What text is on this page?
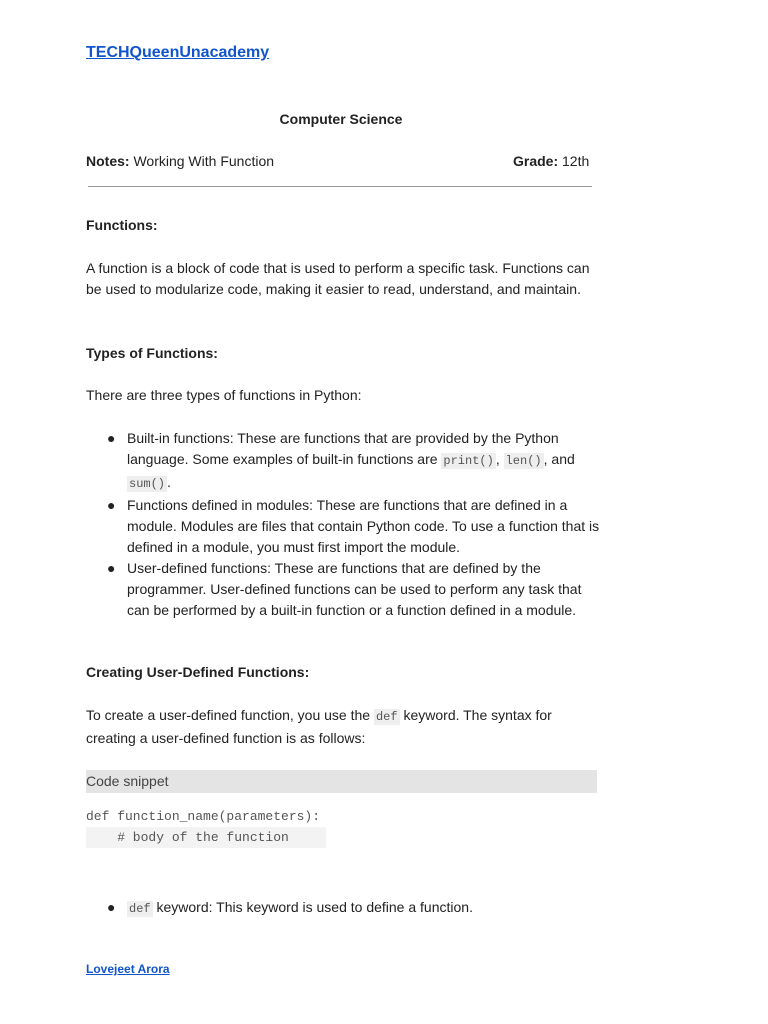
TECHQueenUnacademy
Computer Science
Notes: Working With Function	Grade: 12th
Functions:
A function is a block of code that is used to perform a specific task. Functions can be used to modularize code, making it easier to read, understand, and maintain.
Types of Functions:
There are three types of functions in Python:
● Built-in functions: These are functions that are provided by the Python language. Some examples of built-in functions are print() , len() , and sum() .
● Functions defined in modules: These are functions that are defined in a module. Modules are files that contain Python code. To use a function that is defined in a module, you must first import the module.
● User-defined functions: These are functions that are defined by the programmer. User-defined functions can be used to perform any task that can be performed by a built-in function or a function defined in a module.
Creating User-Defined Functions:
To create a user-defined function, you use the def keyword. The syntax for creating a user-defined function is as follows:
Code snippet
def function_name(parameters):
# body of the function
● def keyword: This keyword is used to define a function.
Lovejeet Arora
